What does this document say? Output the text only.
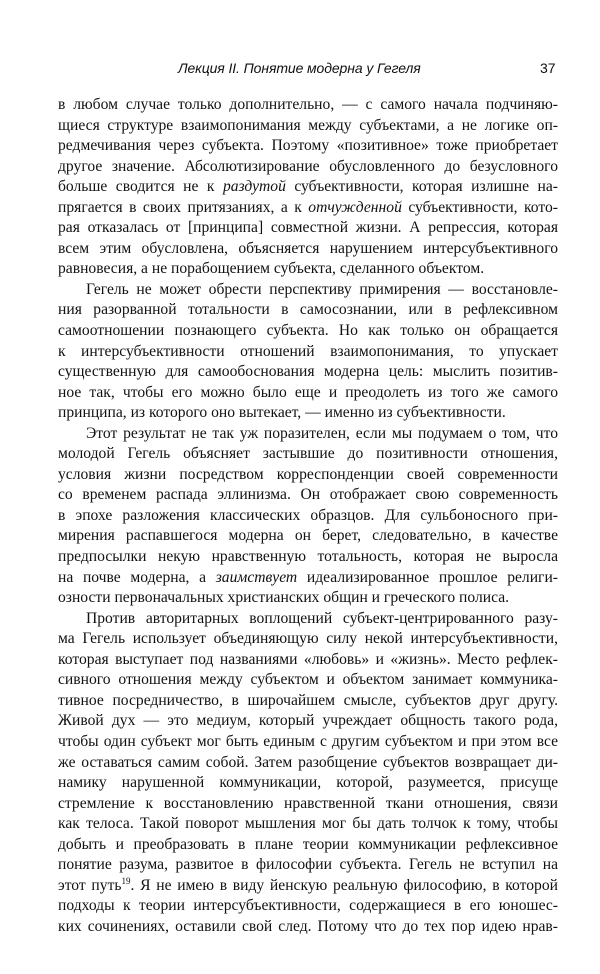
Лекция II. Понятие модерна у Гегеля	37
в любом случае только дополнительно, — с самого начала подчиняю-
щиеся структуре взаимопонимания между субъектами, а не логике оп-
редмечивания через субъекта. Поэтому «позитивное» тоже приобретает
другое значение. Абсолютизирование обусловленного до безусловного
больше сводится не к раздутой субъективности, которая излишне на-
прягается в своих притязаниях, а к отчужденной субъективности, кото-
рая отказалась от [принципа] совместной жизни. А репрессия, которая
всем этим обусловлена, объясняется нарушением интерсубъективного
равновесия, а не порабощением субъекта, сделанного объектом.
Гегель не может обрести перспективу примирения — восстановле-
ния разорванной тотальности в самосознании, или в рефлексивном
самоотношении познающего субъекта. Но как только он обращается
к интерсубъективности отношений взаимопонимания, то упускает
существенную для самообоснования модерна цель: мыслить позитив-
ное так, чтобы его можно было еще и преодолеть из того же самого
принципа, из которого оно вытекает, — именно из субъективности.
Этот результат не так уж поразителен, если мы подумаем о том, что
молодой Гегель объясняет застывшие до позитивности отношения,
условия жизни посредством корреспонденции своей современности
со временем распада эллинизма. Он отображает свою современность
в эпохе разложения классических образцов. Для сульбоносного при-
мирения распавшегося модерна он берет, следовательно, в качестве
предпосылки некую нравственную тотальность, которая не выросла
на почве модерна, а заимствует идеализированное прошлое религи-
озности первоначальных христианских общин и греческого полиса.
Против авторитарных воплощений субъект-центрированного разу-
ма Гегель использует объединяющую силу некой интерсубъективности,
которая выступает под названиями «любовь» и «жизнь». Место рефлек-
сивного отношения между субъектом и объектом занимает коммуника-
тивное посредничество, в широчайшем смысле, субъектов друг другу.
Живой дух — это медиум, который учреждает общность такого рода,
чтобы один субъект мог быть единым с другим субъектом и при этом все
же оставаться самим собой. Затем разобщение субъектов возвращает ди-
намику нарушенной коммуникации, которой, разумеется, присуще
стремление к восстановлению нравственной ткани отношения, связи
как телоса. Такой поворот мышления мог бы дать толчок к тому, чтобы
добыть и преобразовать в плане теории коммуникации рефлексивное
понятие разума, развитое в философии субъекта. Гегель не вступил на
этот путь$^{19}$. Я не имею в виду йенскую реальную философию, в которой
подходы к теории интерсубъективности, содержащиеся в его юношес-
ких сочинениях, оставили свой след. Потому что до тех пор идею нрав-
